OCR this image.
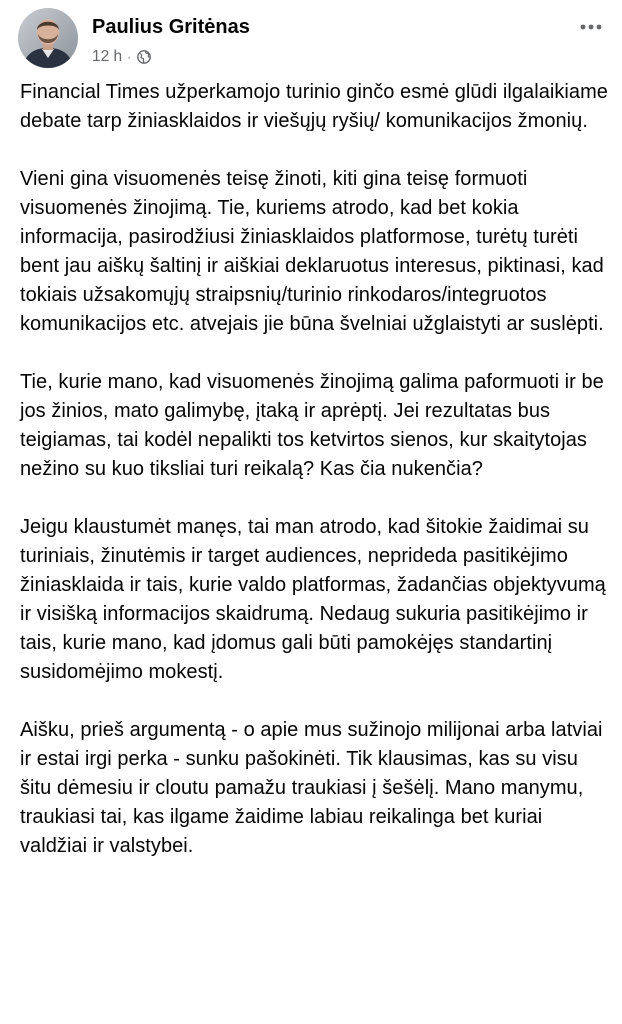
Paulius Gritėnas
12 h ·

Financial Times užperkamojo turinio ginčo esmė glūdi ilgalaikiame debate tarp žiniasklaidos ir viešųjų ryšių/ komunikacijos žmonių.

Vieni gina visuomenės teisę žinoti, kiti gina teisę formuoti visuomenės žinojimą. Tie, kuriems atrodo, kad bet kokia informacija, pasirodžiusi žiniasklaidos platformose, turėtų turėti bent jau aiškų šaltinį ir aiškiai deklaruotus interesus, piktinasi, kad tokiais užsakomųjų straipsnių/turinio rinkodaros/integruotos komunikacijos etc. atvejais jie būna švelniai užglaistyti ar suslėpti.

Tie, kurie mano, kad visuomenės žinojimą galima paformuoti ir be jos žinios, mato galimybę, įtaką ir aprėptį. Jei rezultatas bus teigiamas, tai kodėl nepalikti tos ketvirtos sienos, kur skaitytojas nežino su kuo tiksliai turi reikalą? Kas čia nukenčia?

Jeigu klaustumėt manęs, tai man atrodo, kad šitokie žaidimai su turiniais, žinutėmis ir target audiences, neprideda pasitikėjimo žiniasklaida ir tais, kurie valdo platformas, žadančias objektyvumą ir visišką informacijos skaidrumą. Nedaug sukuria pasitikėjimo ir tais, kurie mano, kad įdomus gali būti pamokėjęs standartinį susidomėjimo mokestį.

Aišku, prieš argumentą - o apie mus sužinojo milijonai arba latviai ir estai irgi perka - sunku pašokinėti. Tik klausimas, kas su visu šitu dėmesiu ir cloutu pamažu traukiasi į šešėlį. Mano manymu, traukiasi tai, kas ilgame žaidime labiau reikalinga bet kuriai valdžiai ir valstybei.
